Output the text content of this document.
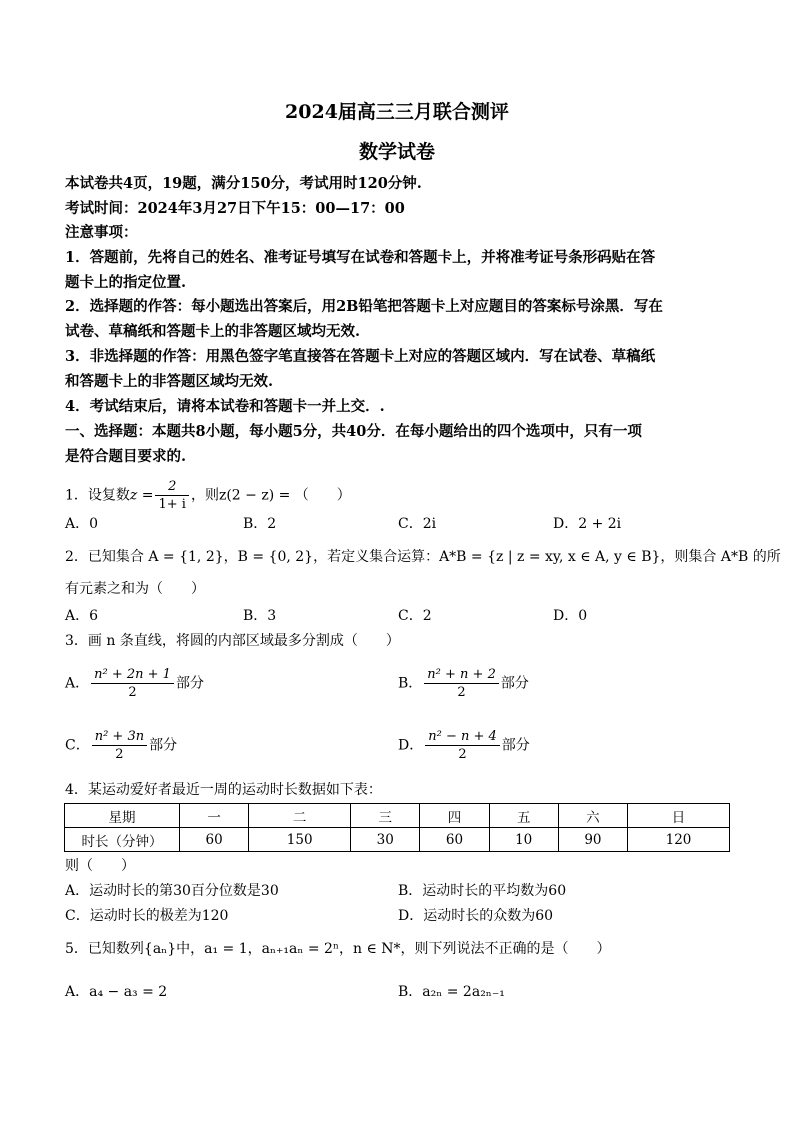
2024届高三三月联合测评
数学试卷
本试卷共4页，19题，满分150分，考试用时120分钟.
考试时间：2024年3月27日下午15：00—17：00
注意事项：
1．答题前，先将自己的姓名、准考证号填写在试卷和答题卡上，并将准考证号条形码贴在答
题卡上的指定位置.
2．选择题的作答：每小题选出答案后，用2B铅笔把答题卡上对应题目的答案标号涂黑．写在
试卷、草稿纸和答题卡上的非答题区域均无效.
3．非选择题的作答：用黑色签字笔直接答在答题卡上对应的答题区域内．写在试卷、草稿纸
和答题卡上的非答题区域均无效.
4．考试结束后，请将本试卷和答题卡一并上交．.
一、选择题：本题共8小题，每小题5分，共40分．在每小题给出的四个选项中，只有一项
是符合题目要求的.
1．设复数$z = \frac{2}{1+ i}$ ，则z(2 − z) = （　　）
A．0	B．2	C．2i	D．2 + 2i
2．已知集合 A = {1, 2}，B = {0, 2}，若定义集合运算：A*B = {z | z = xy, x ∈ A, y ∈ B}，则集合 A*B 的所
有元素之和为（　　）
A．6	B．3	C．2	D．0
3．画 n 条直线，将圆的内部区域最多分割成（　　）
A． $\frac{\text{n² + 2n + 1}}{2}$ 部分	B． $\frac{\text{n² + n + 2}}{2}$ 部分
C． $\frac{\text{n² + 3n}}{2}$ 部分	D． $\frac{\text{n² − n + 4}}{2}$ 部分
4．某运动爱好者最近一周的运动时长数据如下表：
星期	一	二	三	四	五	六	日
时长（分钟）	60	150	30	60	10	90	120
则（　　）
A．运动时长的第30百分位数是30	B．运动时长的平均数为60
C．运动时长的极差为120	D．运动时长的众数为60
5．已知数列{aₙ}中，a₁ = 1，aₙ₊₁aₙ = 2ⁿ，n ∈ N*，则下列说法不正确的是（　　）
A．a₄ − a₃ = 2	B．a₂ₙ = 2a₂ₙ₋₁
